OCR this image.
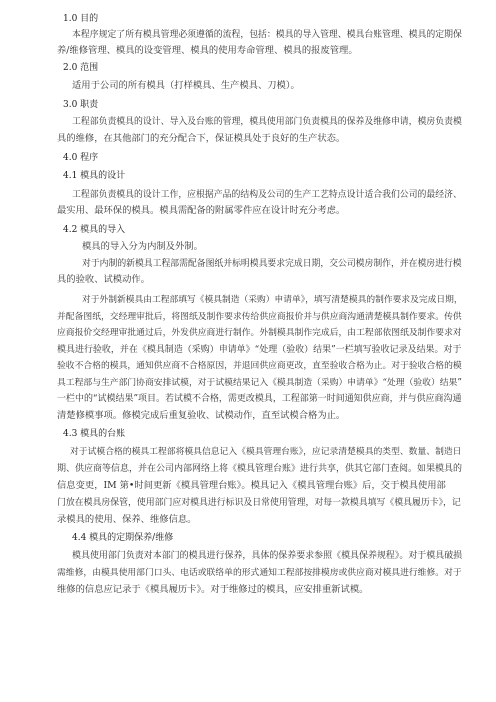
1.0 目的
本程序规定了所有模具管理必须遵循的流程，包括：模具的导入管理、模具台账管理、模具的定期保
养/维修管理、模具的设变管理、模具的使用寿命管理、模具的报废管理。
2.0 范围
适用于公司的所有模具（打样模具、生产模具、刀模）。
3.0 职责
工程部负责模具的设计、导入及台账的管理，模具使用部门负责模具的保养及维修申请，模房负责模
具的维修，在其他部门的充分配合下，保证模具处于良好的生产状态。
4.0 程序
4.1 模具的设计
工程部负责模具的设计工作，应根据产品的结构及公司的生产工艺特点设计适合我们公司的最经济、
最实用、最环保的模具。模具需配备的附属零件应在设计时充分考虑。
4.2 模具的导入
模具的导入分为内制及外制。
对于内制的新模具工程部需配备图纸并标明模具要求完成日期，交公司模房制作，并在模房进行模
具的验收、试模动作。
对于外制新模具由工程部填写《模具制造（采购）申请单》，填写清楚模具的制作要求及完成日期，
并配备图纸，交经理审批后，将图纸及制作要求传给供应商报价并与供应商沟通清楚模具制作要求。传供
应商报价交经理审批通过后，外发供应商进行制作。外制模具制作完成后，由工程部依图纸及制作要求对
模具进行验收，并在《模具制造（采购）申请单》“处理（验收）结果”一栏填写验收记录及结果。对于
验收不合格的模具，通知供应商不合格原因，并退回供应商更改，直至验收合格为止。对于验收合格的模
具工程部与生产部门协商安排试模，对于试模结果记入《模具制造（采购）申请单》“处理（验收）结果”
一栏中的“试模结果”项目。若试模不合格，需更改模具，工程部第一时间通知供应商，并与供应商沟通
清楚修模事项。修模完成后重复验收、试模动作，直至试模合格为止。
4.3 模具的台账
对于试模合格的模具工程部将模具信息记入《模具管理台账》，应记录清楚模具的类型、数量、制造日
期、供应商等信息，并在公司内部网络上将《模具管理台账》进行共享，供其它部门查阅。如果模具的
信息变更，IM 第•时间更新《模具管理台账》。模具记入《模具管理台账》后，交于模具使用部
门放在模具房保管，使用部门应对模具进行标识及日常使用管理，对每一款模具填写《模具履历卡》，记
录模具的使用、保养、维修信息。
4.4 模具的定期保养/维修
模具使用部门负责对本部门的模具进行保养，具体的保养要求参照《模具保养规程》。对于模具破损
需维修，由模具使用部门口头、电话或联络单的形式通知工程部按排模房或供应商对模具进行维修。对于
维修的信息应记录于《模具履历卡》。对于维修过的模具，应安排重新试模。
